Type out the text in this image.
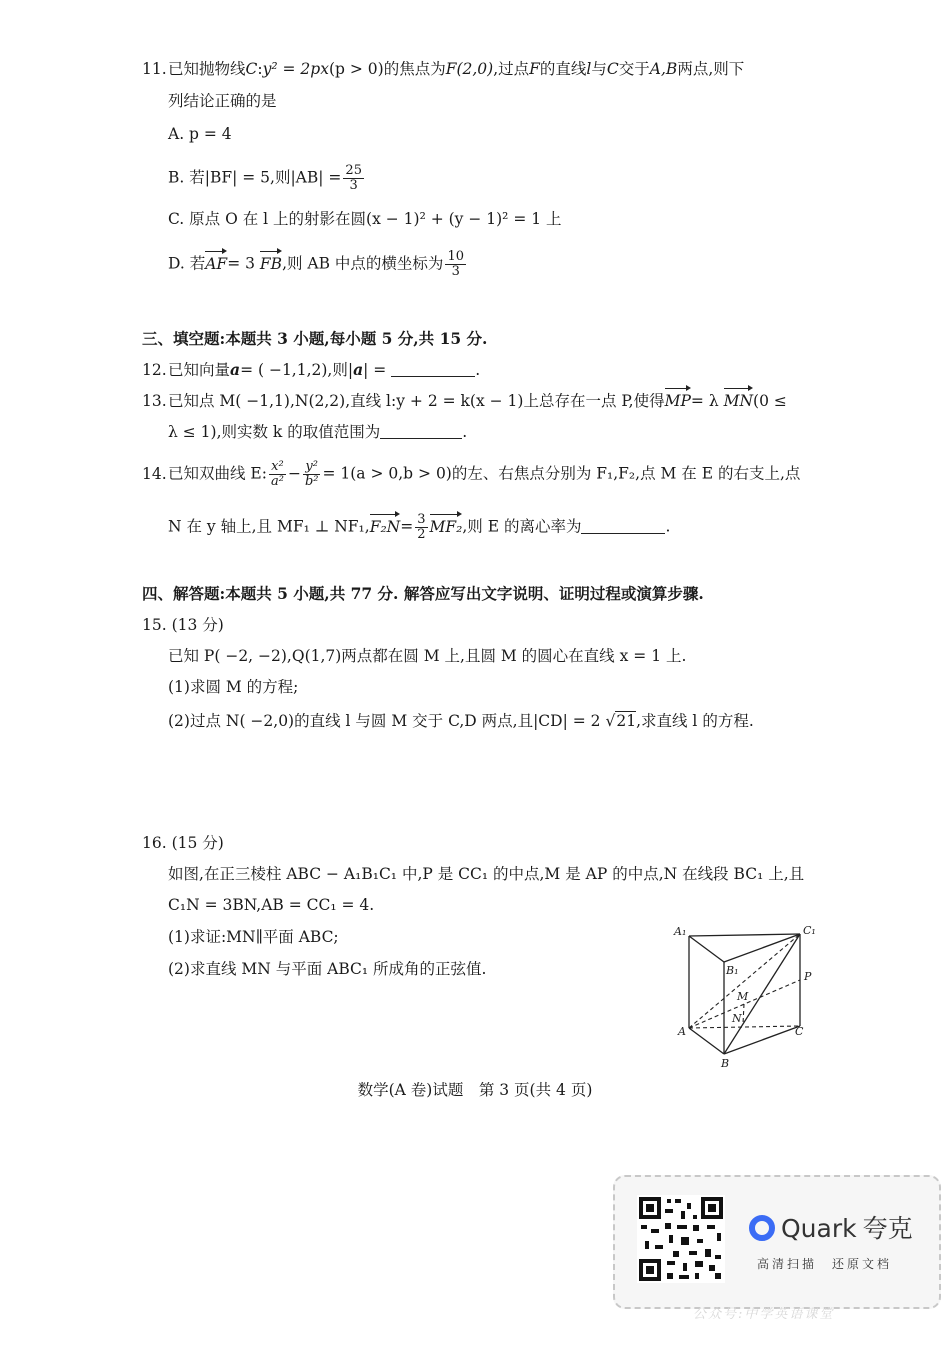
11.已知抛物线C:y² = 2px(p > 0)的焦点为F(2,0),过点F的直线l与C交于A,B两点,则下
列结论正确的是
A. p = 4
B. 若|BF| = 5,则$|AB| = \frac{25}{3}$
C. 原点 O 在 l 上的射影在圆(x − 1)² + (y − 1)² = 1 上
D. 若AF= 3 FB,则 AB 中点的横坐标为 $\frac{10}{3}$
三、填空题:本题共 3 小题,每小题 5 分,共 15 分.
12.已知向量a= ( −1,1,2),则|a| =	.
13.已知点 M( −1,1),N(2,2),直线 l:y + 2 = k(x − 1)上总存在一点 P,使得MP= λ MN(0 ≤
λ ≤ 1),则实数 k 的取值范围为	.
14.已知双曲线 E: $\frac{\text{x²}}{\text{a²}} - \frac{\text{y²}}{\text{b²}} = 1(a > 0,b > 0)$的左、右焦点分别为 F₁,F₂,点 M 在 E 的右支上,点
N 在 y 轴上,且 MF₁ ⊥ $NF_1,F_2N= \frac{3}{2} MF_2$,则 E 的离心率为	.
四、解答题:本题共 5 小题,共 77 分. 解答应写出文字说明、证明过程或演算步骤.
15. (13 分)
已知 P( −2, −2),Q(1,7)两点都在圆 M 上,且圆 M 的圆心在直线 x = 1 上.
(1)求圆 M 的方程;
(2)过点 N( −2,0)的直线 l 与圆 M 交于 C,D 两点,且|CD| = 2 √21,求直线 l 的方程.
16. (15 分)
如图,在正三棱柱 ABC − A₁B₁C₁ 中,P 是 CC₁ 的中点,M 是 AP 的中点,N 在线段 BC₁ 上,且
C₁N = 3BN,AB = CC₁ = 4.
(1)求证:MN∥平面 ABC;
(2)求直线 MN 与平面 ABC₁ 所成角的正弦值.
A₁	C₁
B₁	P
M
N
A	C
B
数学(A 卷)试题　第 3 页(共 4 页)
Quark 夸克
高清扫描　还原文档
公众号:中学英语课堂
